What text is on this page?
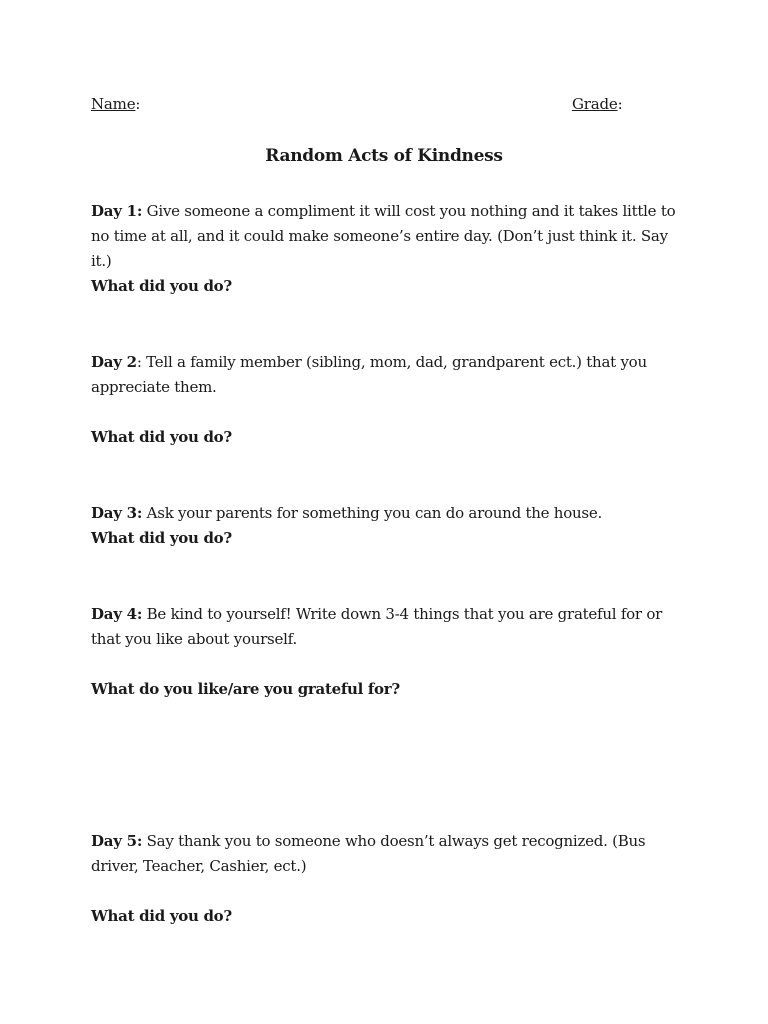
Name:	Grade:
Random Acts of Kindness

Day 1: Give someone a compliment it will cost you nothing and it takes little to no time at all, and it could make someone’s entire day. (Don’t just think it. Say it.)

What did you do?

Day 2: Tell a family member (sibling, mom, dad, grandparent ect.) that you appreciate them.

What did you do?

Day 3: Ask your parents for something you can do around the house.

What did you do?

Day 4: Be kind to yourself! Write down 3-4 things that you are grateful for or that you like about yourself.

What do you like/are you grateful for?

Day 5: Say thank you to someone who doesn’t always get recognized. (Bus driver, Teacher, Cashier, ect.)

What did you do?
